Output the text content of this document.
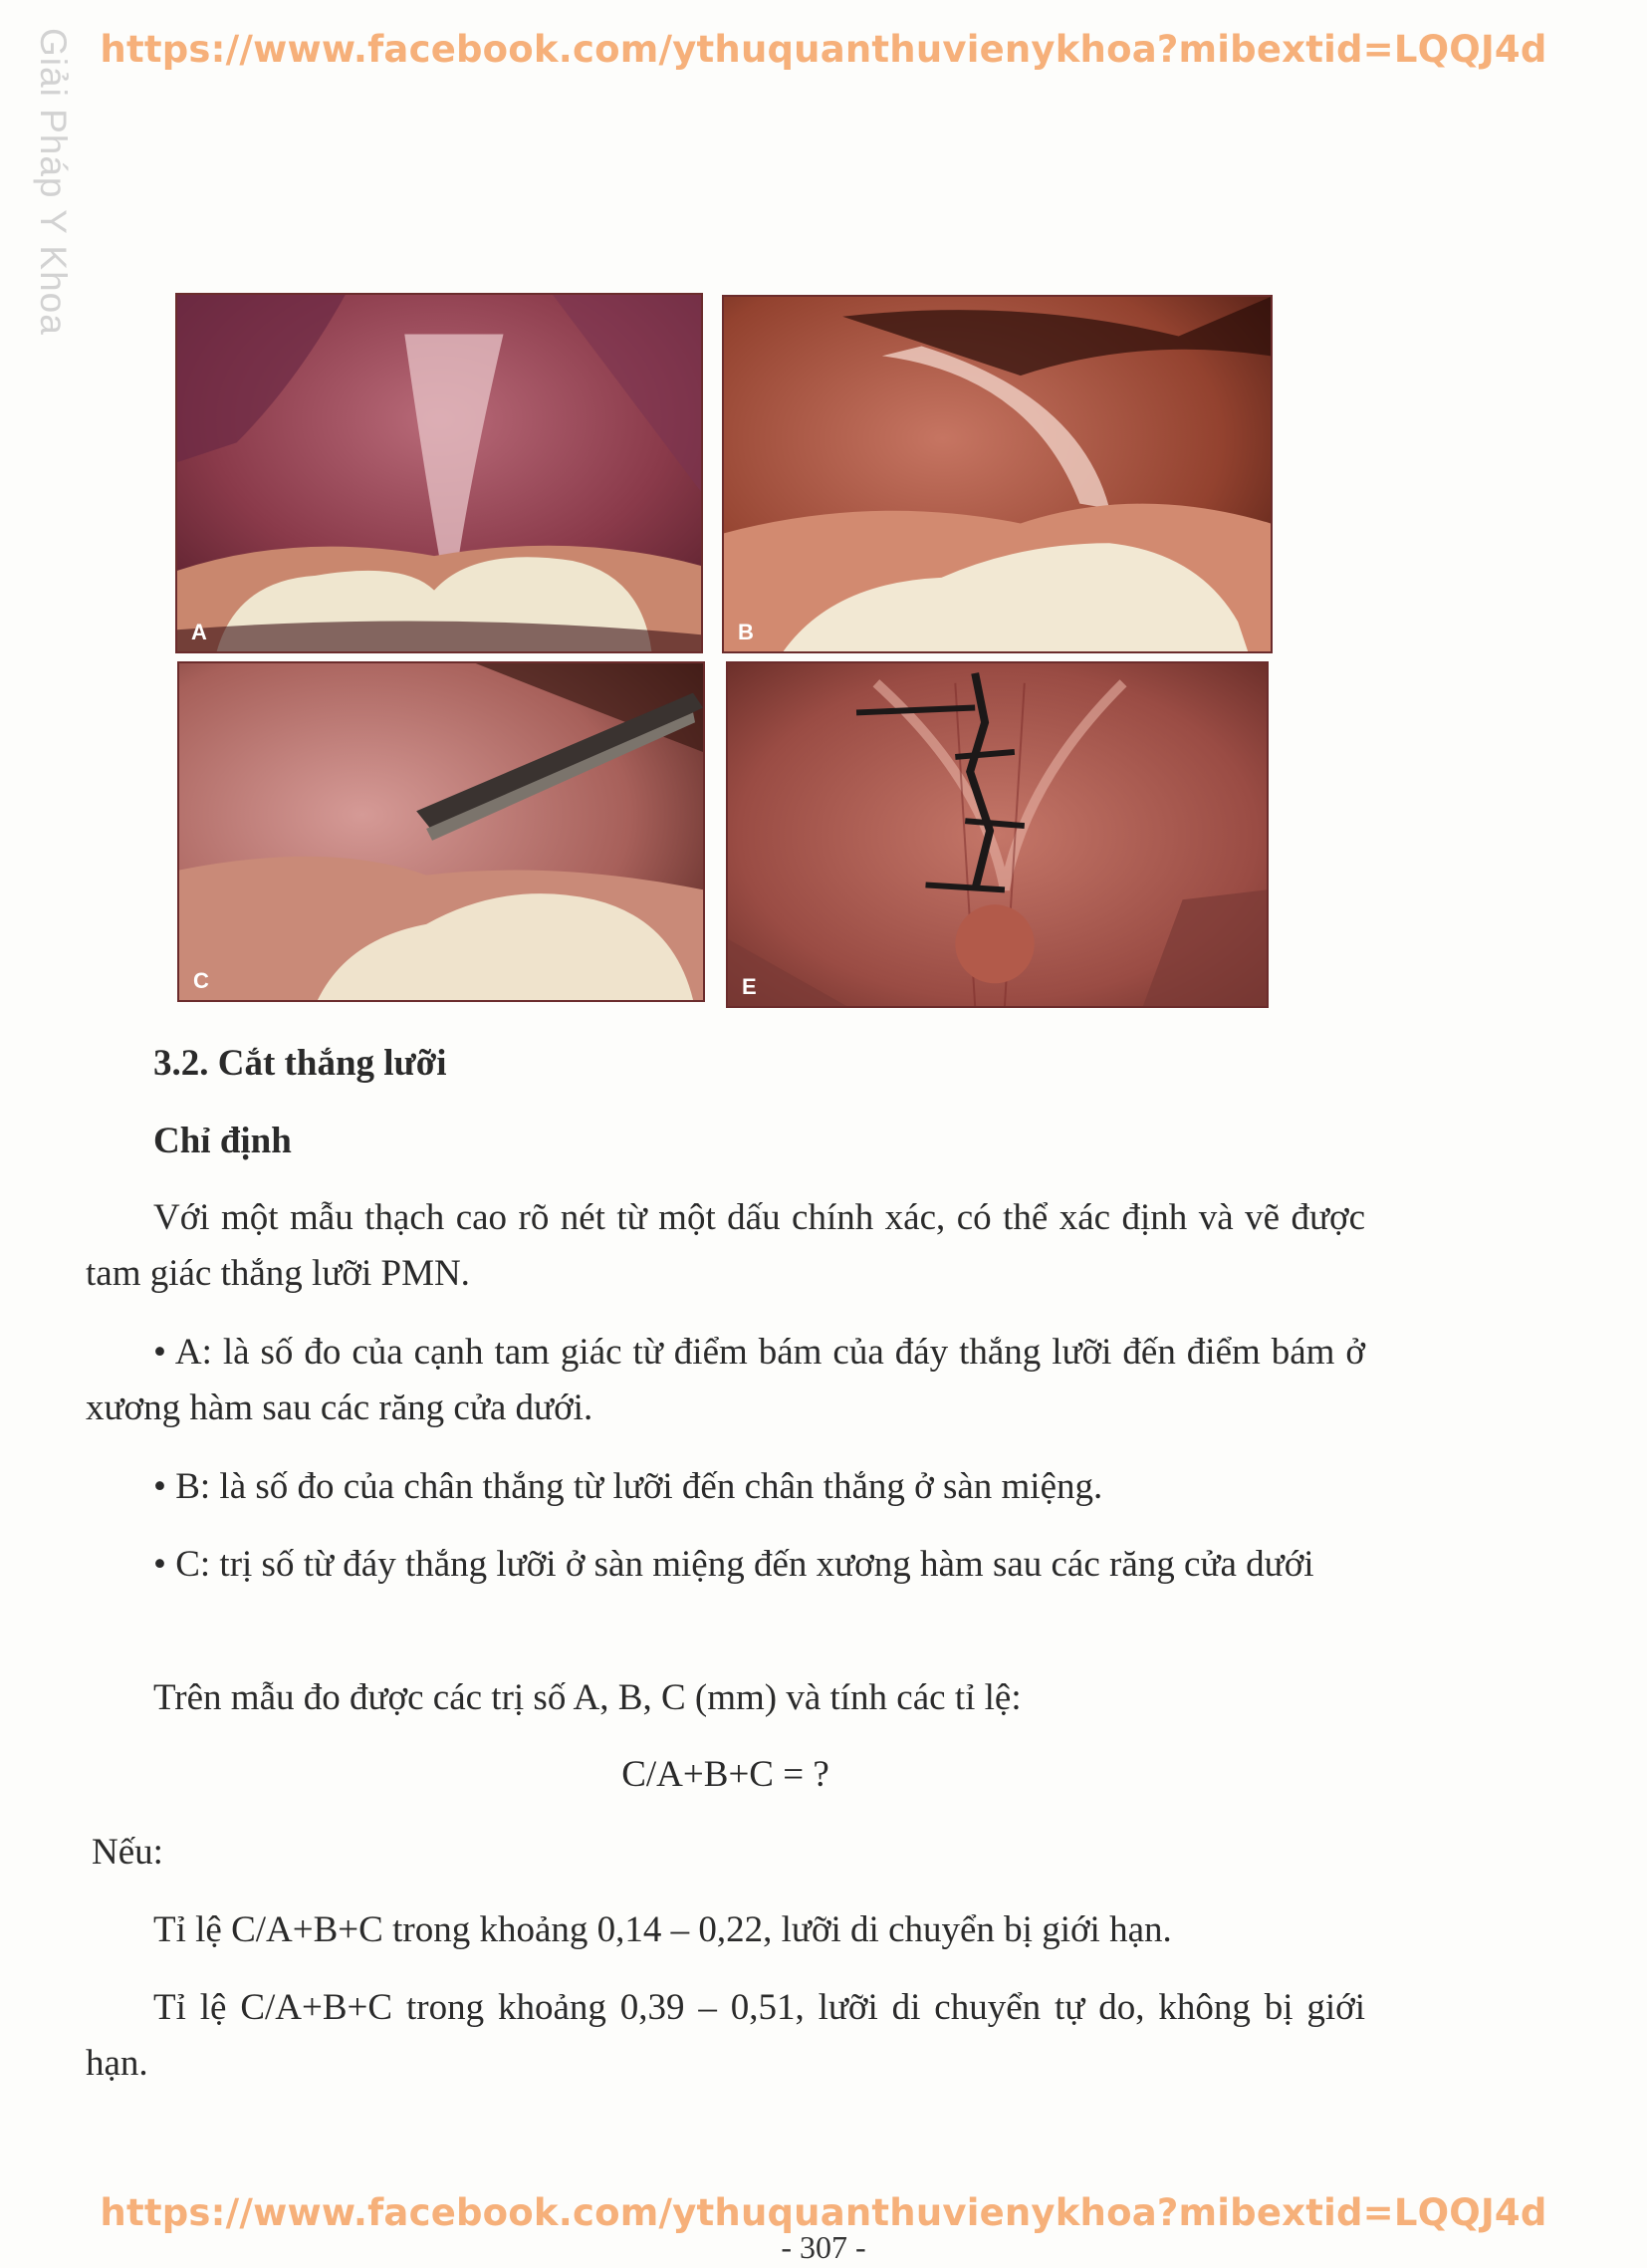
https://www.facebook.com/ythuquanthuvienykhoa?mibextid=LQQJ4d
Giải Pháp Y Khoa
A	B
C	E
3.2. Cắt thắng lưỡi
Chỉ định
Với một mẫu thạch cao rõ nét từ một dấu chính xác, có thể xác định và vẽ được tam giác thắng lưỡi PMN.
• A: là số đo của cạnh tam giác từ điểm bám của đáy thắng lưỡi đến điểm bám ở xương hàm sau các răng cửa dưới.
• B: là số đo của chân thắng từ lưỡi đến chân thắng ở sàn miệng.
• C: trị số từ đáy thắng lưỡi ở sàn miệng đến xương hàm sau các răng cửa dưới
Trên mẫu đo được các trị số A, B, C (mm) và tính các tỉ lệ:
C/A+B+C = ?
Nếu:
Tỉ lệ C/A+B+C trong khoảng 0,14 – 0,22, lưỡi di chuyển bị giới hạn.
Tỉ lệ C/A+B+C trong khoảng 0,39 – 0,51, lưỡi di chuyển tự do, không bị giới hạn.
https://www.facebook.com/ythuquanthuvienykhoa?mibextid=LQQJ4d
- 307 -
